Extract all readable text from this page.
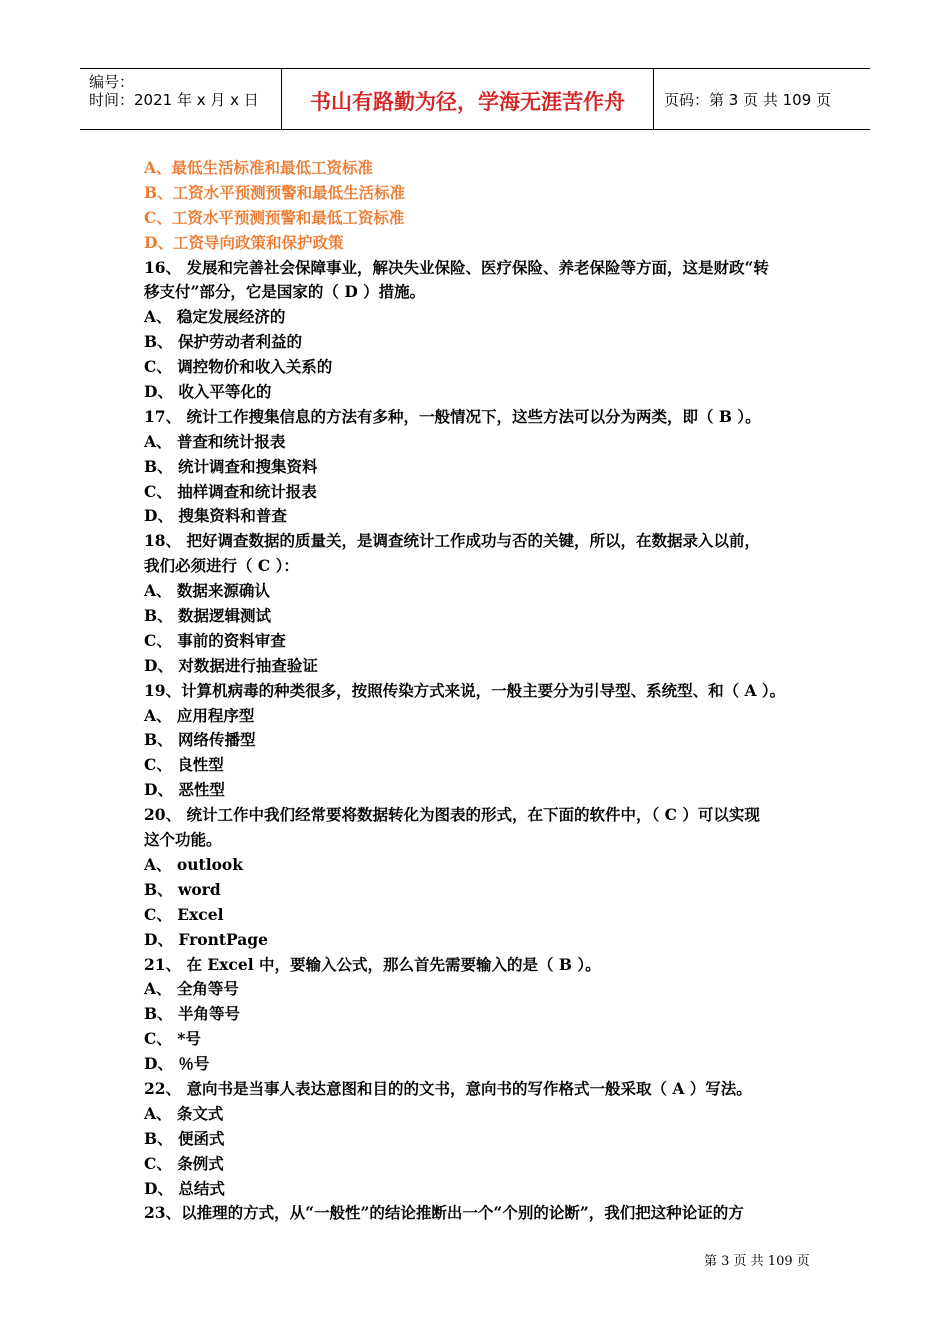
编号：
时间：2021 年 x 月 x 日	书山有路勤为径，学海无涯苦作舟	页码：第 3 页 共 109 页
A、最低生活标准和最低工资标准
B、工资水平预测预警和最低生活标准
C、工资水平预测预警和最低工资标准
D、工资导向政策和保护政策
16、 发展和完善社会保障事业，解决失业保险、医疗保险、养老保险等方面，这是财政“转
移支付”部分，它是国家的（ D ）措施。
A、 稳定发展经济的
B、 保护劳动者利益的
C、 调控物价和收入关系的
D、 收入平等化的
17、 统计工作搜集信息的方法有多种，一般情况下，这些方法可以分为两类，即（ B ）。
A、 普查和统计报表
B、 统计调查和搜集资料
C、 抽样调查和统计报表
D、 搜集资料和普查
18、 把好调查数据的质量关，是调查统计工作成功与否的关键，所以，在数据录入以前，
我们必须进行（ C ）：
A、 数据来源确认
B、 数据逻辑测试
C、 事前的资料审查
D、 对数据进行抽查验证
19、计算机病毒的种类很多，按照传染方式来说，一般主要分为引导型、系统型、和（ A ）。
A、 应用程序型
B、 网络传播型
C、 良性型
D、 恶性型
20、 统计工作中我们经常要将数据转化为图表的形式，在下面的软件中，（ C ）可以实现
这个功能。
A、 outlook
B、 word
C、 Excel
D、 FrontPage
21、 在 Excel 中，要输入公式，那么首先需要输入的是（ B ）。
A、 全角等号
B、 半角等号
C、 *号
D、 ％号
22、 意向书是当事人表达意图和目的的文书，意向书的写作格式一般采取（ A ）写法。
A、 条文式
B、 便函式
C、 条例式
D、 总结式
23、以推理的方式，从“一般性”的结论推断出一个“个别的论断”，我们把这种论证的方
第 3 页 共 109 页
